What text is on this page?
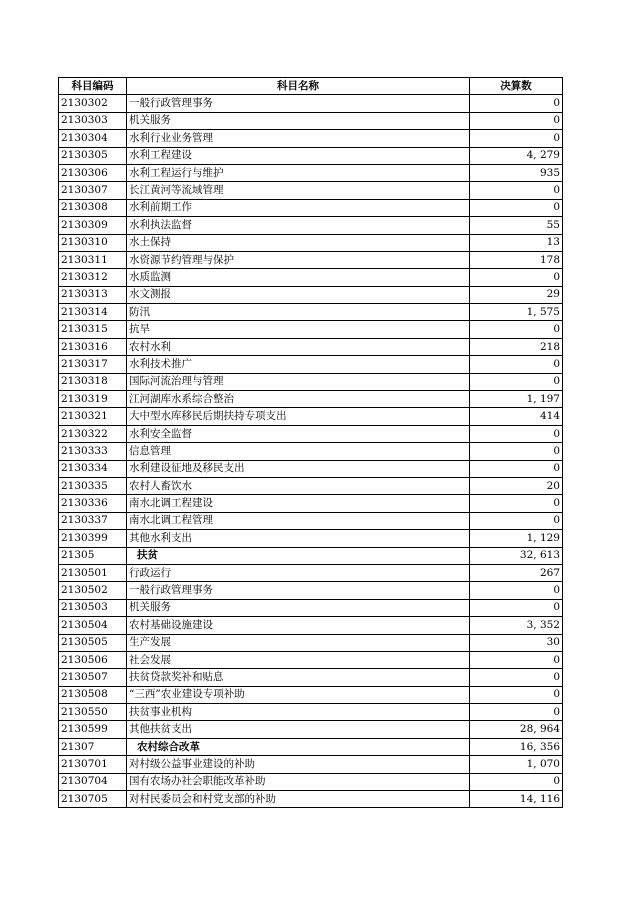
科目编码	科目名称	决算数
2130302	一般行政管理事务	0
2130303	机关服务	0
2130304	水利行业业务管理	0
2130305	水利工程建设	4, 279
2130306	水利工程运行与维护	935
2130307	长江黄河等流域管理	0
2130308	水利前期工作	0
2130309	水利执法监督	55
2130310	水土保持	13
2130311	水资源节约管理与保护	178
2130312	水质监测	0
2130313	水文测报	29
2130314	防汛	1, 575
2130315	抗旱	0
2130316	农村水利	218
2130317	水利技术推广	0
2130318	国际河流治理与管理	0
2130319	江河湖库水系综合整治	1, 197
2130321	大中型水库移民后期扶持专项支出	414
2130322	水利安全监督	0
2130333	信息管理	0
2130334	水利建设征地及移民支出	0
2130335	农村人畜饮水	20
2130336	南水北调工程建设	0
2130337	南水北调工程管理	0
2130399	其他水利支出	1, 129
21305	扶贫	32, 613
2130501	行政运行	267
2130502	一般行政管理事务	0
2130503	机关服务	0
2130504	农村基础设施建设	3, 352
2130505	生产发展	30
2130506	社会发展	0
2130507	扶贫贷款奖补和贴息	0
2130508	“三西”农业建设专项补助	0
2130550	扶贫事业机构	0
2130599	其他扶贫支出	28, 964
21307	农村综合改革	16, 356
2130701	对村级公益事业建设的补助	1, 070
2130704	国有农场办社会职能改革补助	0
2130705	对村民委员会和村党支部的补助	14, 116
